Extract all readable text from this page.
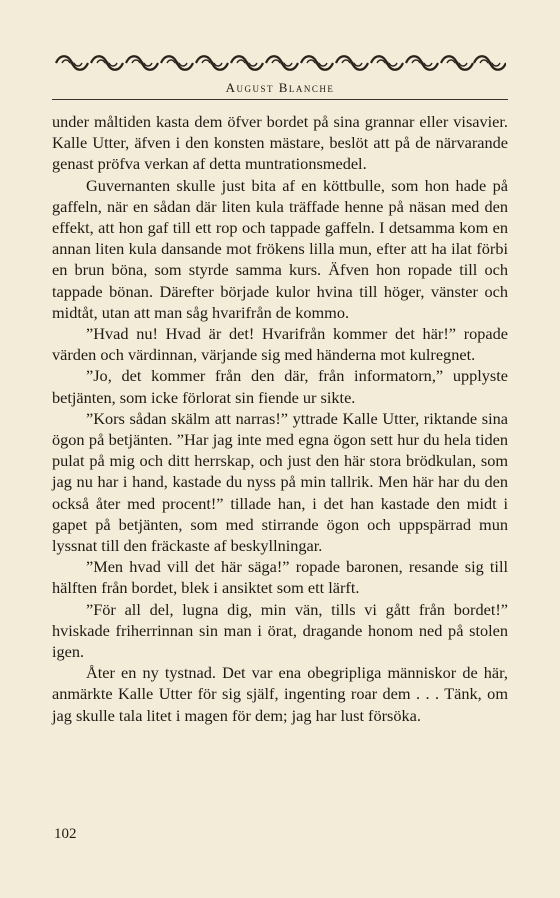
August Blanche

under måltiden kasta dem öfver bordet på sina grannar eller visavier. Kalle Utter, äfven i den konsten mästare, beslöt att på de närvarande genast pröfva verkan af detta muntrationsmedel.

Guvernanten skulle just bita af en köttbulle, som hon hade på gaffeln, när en sådan där liten kula träffade henne på näsan med den effekt, att hon gaf till ett rop och tappade gaffeln. I detsamma kom en annan liten kula dansande mot frökens lilla mun, efter att ha ilat förbi en brun böna, som styrde samma kurs. Äfven hon ropade till och tappade bönan. Därefter började kulor hvina till höger, vänster och midtåt, utan att man såg hvarifrån de kommo.

”Hvad nu! Hvad är det! Hvarifrån kommer det här!” ropade värden och värdinnan, värjande sig med händerna mot kulregnet.

”Jo, det kommer från den där, från informatorn,” upplyste betjänten, som icke förlorat sin fiende ur sikte.

”Kors sådan skälm att narras!” yttrade Kalle Utter, riktande sina ögon på betjänten. ”Har jag inte med egna ögon sett hur du hela tiden pulat på mig och ditt herrskap, och just den här stora brödkulan, som jag nu har i hand, kastade du nyss på min tallrik. Men här har du den också åter med procent!” tillade han, i det han kastade den midt i gapet på betjänten, som med stirrande ögon och uppspärrad mun lyssnat till den fräckaste af beskyllningar.

”Men hvad vill det här säga!” ropade baronen, resande sig till hälften från bordet, blek i ansiktet som ett lärft.

”För all del, lugna dig, min vän, tills vi gått från bordet!” hviskade friherrinnan sin man i örat, dragande honom ned på stolen igen.

Åter en ny tystnad. Det var ena obegripliga människor de här, anmärkte Kalle Utter för sig själf, ingenting roar dem . . . Tänk, om jag skulle tala litet i magen för dem; jag har lust försöka.

102
